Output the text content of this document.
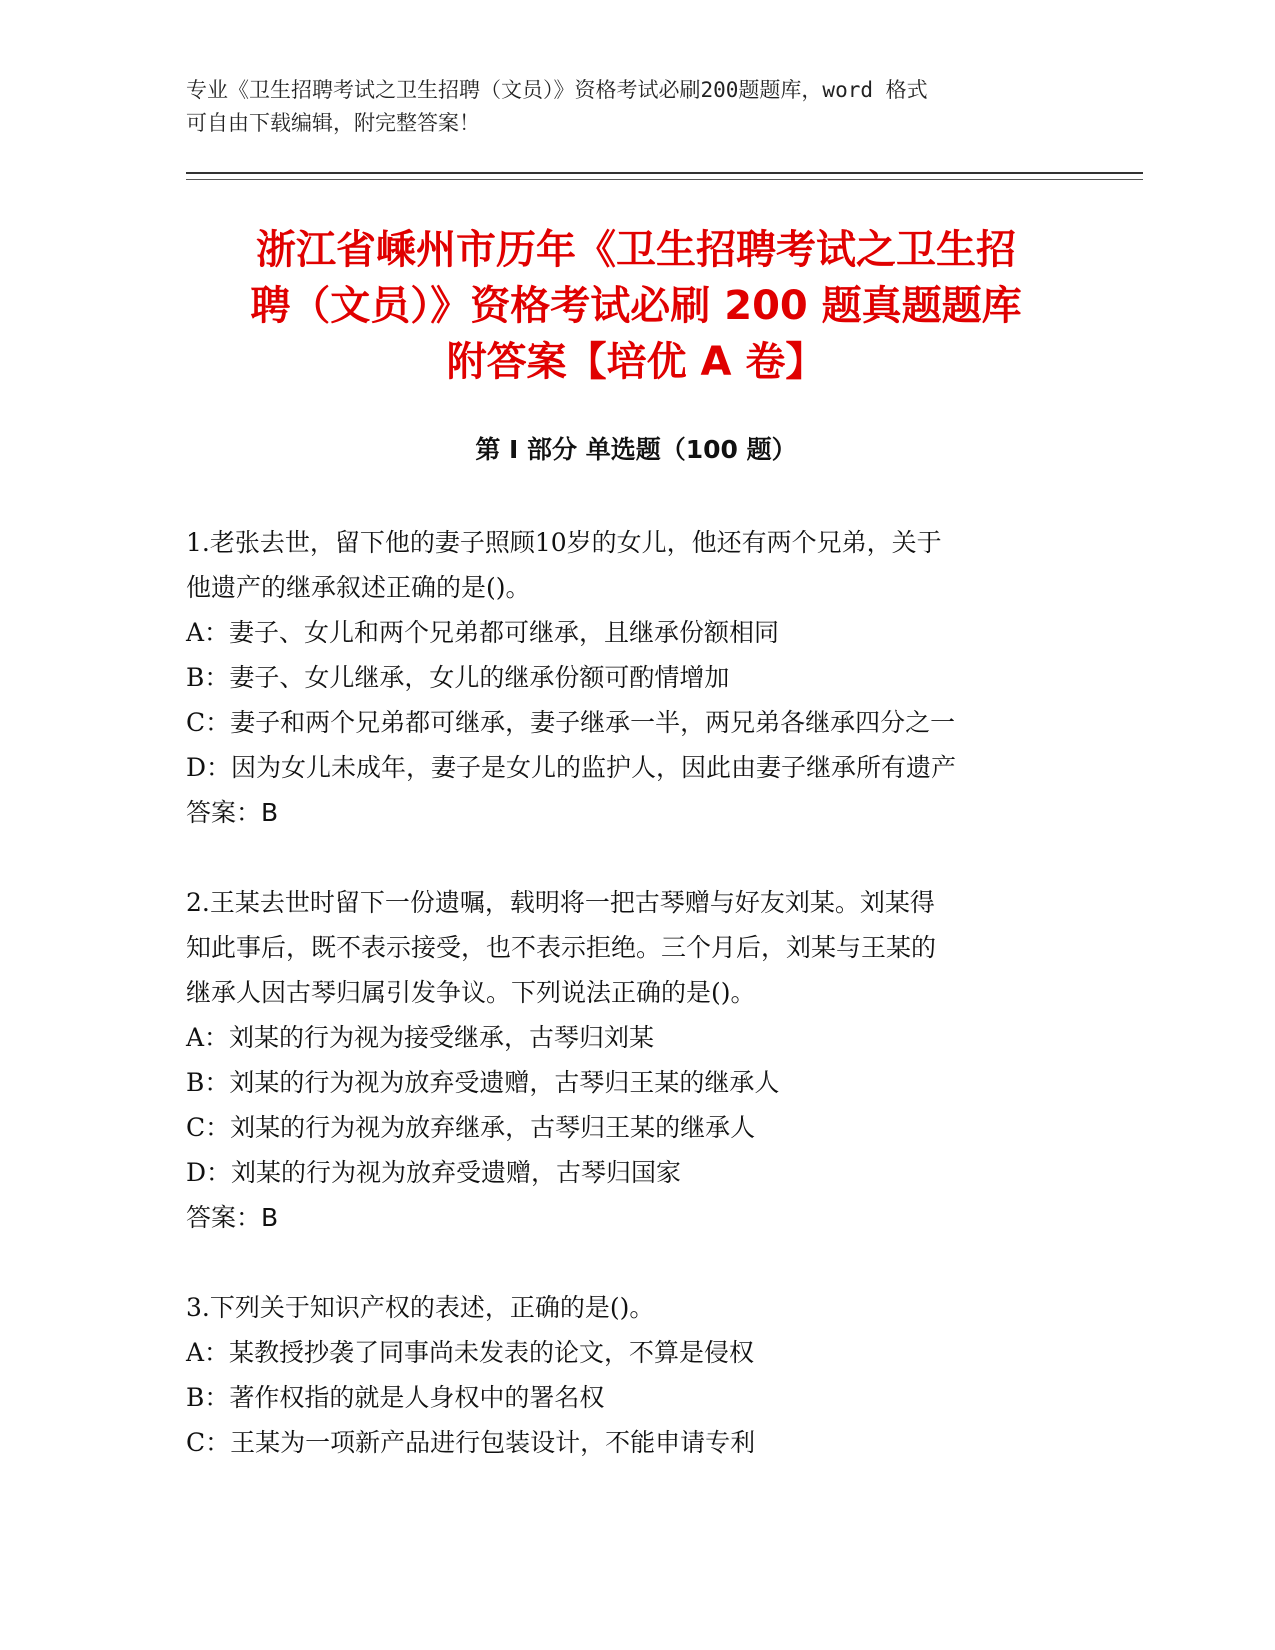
专业《卫生招聘考试之卫生招聘（文员）》资格考试必刷200题题库，word 格式
可自由下载编辑，附完整答案！
浙江省嵊州市历年《卫生招聘考试之卫生招
聘（文员）》资格考试必刷 200 题真题题库
附答案【培优 A 卷】
第 I 部分 单选题（100 题）

1.老张去世，留下他的妻子照顾10岁的女儿，他还有两个兄弟，关于

他遗产的继承叙述正确的是()。

A：妻子、女儿和两个兄弟都可继承，且继承份额相同

B：妻子、女儿继承，女儿的继承份额可酌情增加

C：妻子和两个兄弟都可继承，妻子继承一半，两兄弟各继承四分之一

D：因为女儿未成年，妻子是女儿的监护人，因此由妻子继承所有遗产

答案：B

2.王某去世时留下一份遗嘱，载明将一把古琴赠与好友刘某。刘某得

知此事后，既不表示接受，也不表示拒绝。三个月后，刘某与王某的

继承人因古琴归属引发争议。下列说法正确的是()。

A：刘某的行为视为接受继承，古琴归刘某

B：刘某的行为视为放弃受遗赠，古琴归王某的继承人

C：刘某的行为视为放弃继承，古琴归王某的继承人

D：刘某的行为视为放弃受遗赠，古琴归国家

答案：B

3.下列关于知识产权的表述，正确的是()。

A：某教授抄袭了同事尚未发表的论文，不算是侵权

B：著作权指的就是人身权中的署名权

C：王某为一项新产品进行包装设计，不能申请专利
